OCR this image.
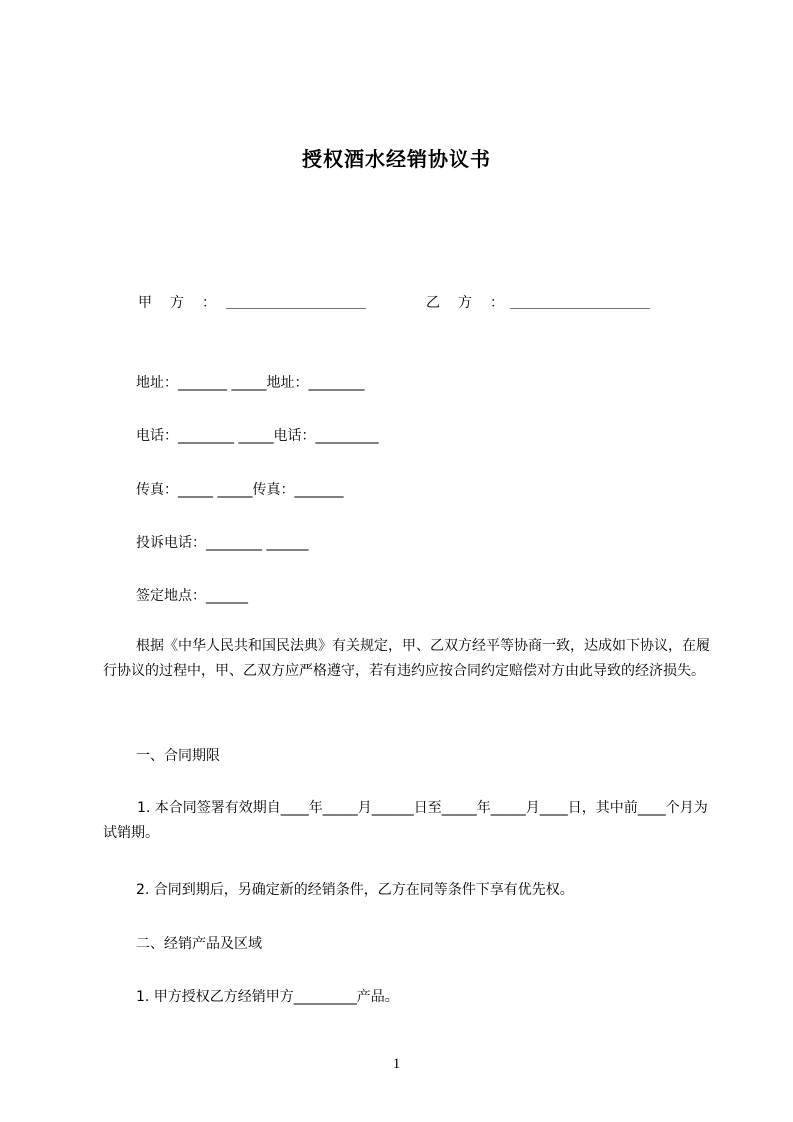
授权酒水经销协议书
甲　方　： ＿＿＿＿＿＿＿＿＿＿	乙　方　： ＿＿＿＿＿＿＿＿＿＿
地址：_______ _____地址：________
电话：________ _____电话：_________
传真：_____ _____传真：_______
投诉电话：________ ______
签定地点：______
根据《中华人民共和国民法典》有关规定，甲、乙双方经平等协商一致，达成如下协议，在履行协议的过程中，甲、乙双方应严格遵守，若有违约应按合同约定赔偿对方由此导致的经济损失。
一、合同期限
1. 本合同签署有效期自____年_____月______日至_____年_____月____日，其中前____个月为试销期。
2. 合同到期后，另确定新的经销条件，乙方在同等条件下享有优先权。
二、经销产品及区域
1. 甲方授权乙方经销甲方_________产品。
1
